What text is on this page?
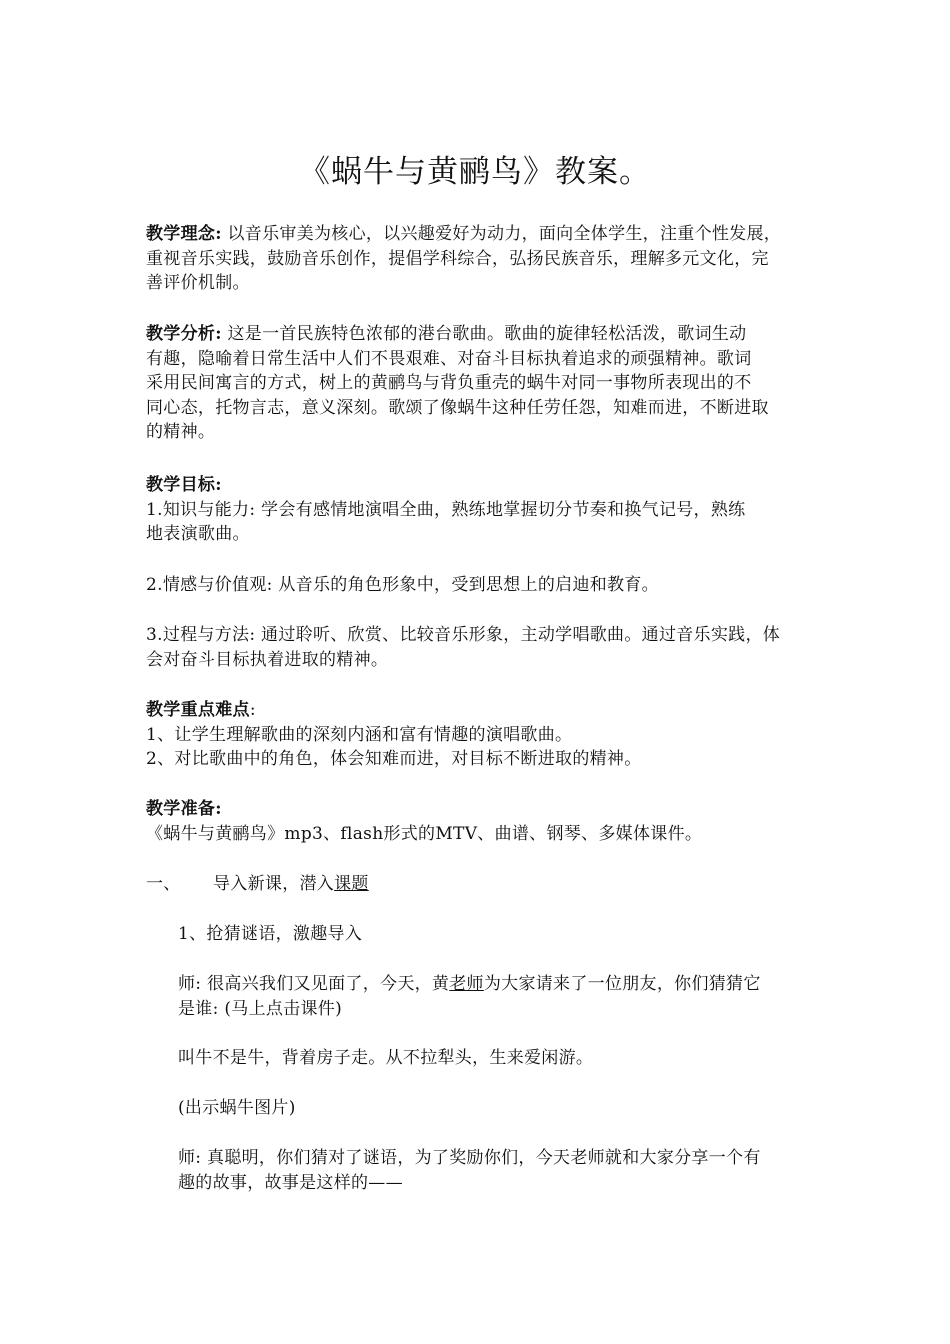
《蜗牛与黄鹂鸟》教案。
教学理念: 以音乐审美为核心，以兴趣爱好为动力，面向全体学生，注重个性发展，
重视音乐实践，鼓励音乐创作，提倡学科综合，弘扬民族音乐，理解多元文化，完
善评价机制。
教学分析: 这是一首民族特色浓郁的港台歌曲。歌曲的旋律轻松活泼，歌词生动
有趣，隐喻着日常生活中人们不畏艰难、对奋斗目标执着追求的顽强精神。歌词
采用民间寓言的方式，树上的黄鹂鸟与背负重壳的蜗牛对同一事物所表现出的不
同心态，托物言志，意义深刻。歌颂了像蜗牛这种任劳任怨，知难而进，不断进取
的精神。
教学目标:
1.知识与能力: 学会有感情地演唱全曲，熟练地掌握切分节奏和换气记号，熟练
地表演歌曲。
2.情感与价值观: 从音乐的角色形象中，受到思想上的启迪和教育。
3.过程与方法: 通过聆听、欣赏、比较音乐形象，主动学唱歌曲。通过音乐实践，体
会对奋斗目标执着进取的精神。
教学重点难点:
1、让学生理解歌曲的深刻内涵和富有情趣的演唱歌曲。
2、对比歌曲中的角色，体会知难而进，对目标不断进取的精神。
教学准备:
《蜗牛与黄鹂鸟》mp3、flash形式的MTV、曲谱、钢琴、多媒体课件。
一、 导入新课，潜入课题
1、抢猜谜语，激趣导入
师: 很高兴我们又见面了，今天，黄老师为大家请来了一位朋友，你们猜猜它
是谁: (马上点击课件)
叫牛不是牛，背着房子走。从不拉犁头，生来爱闲游。
(出示蜗牛图片)
师: 真聪明，你们猜对了谜语，为了奖励你们，今天老师就和大家分享一个有
趣的故事，故事是这样的——
